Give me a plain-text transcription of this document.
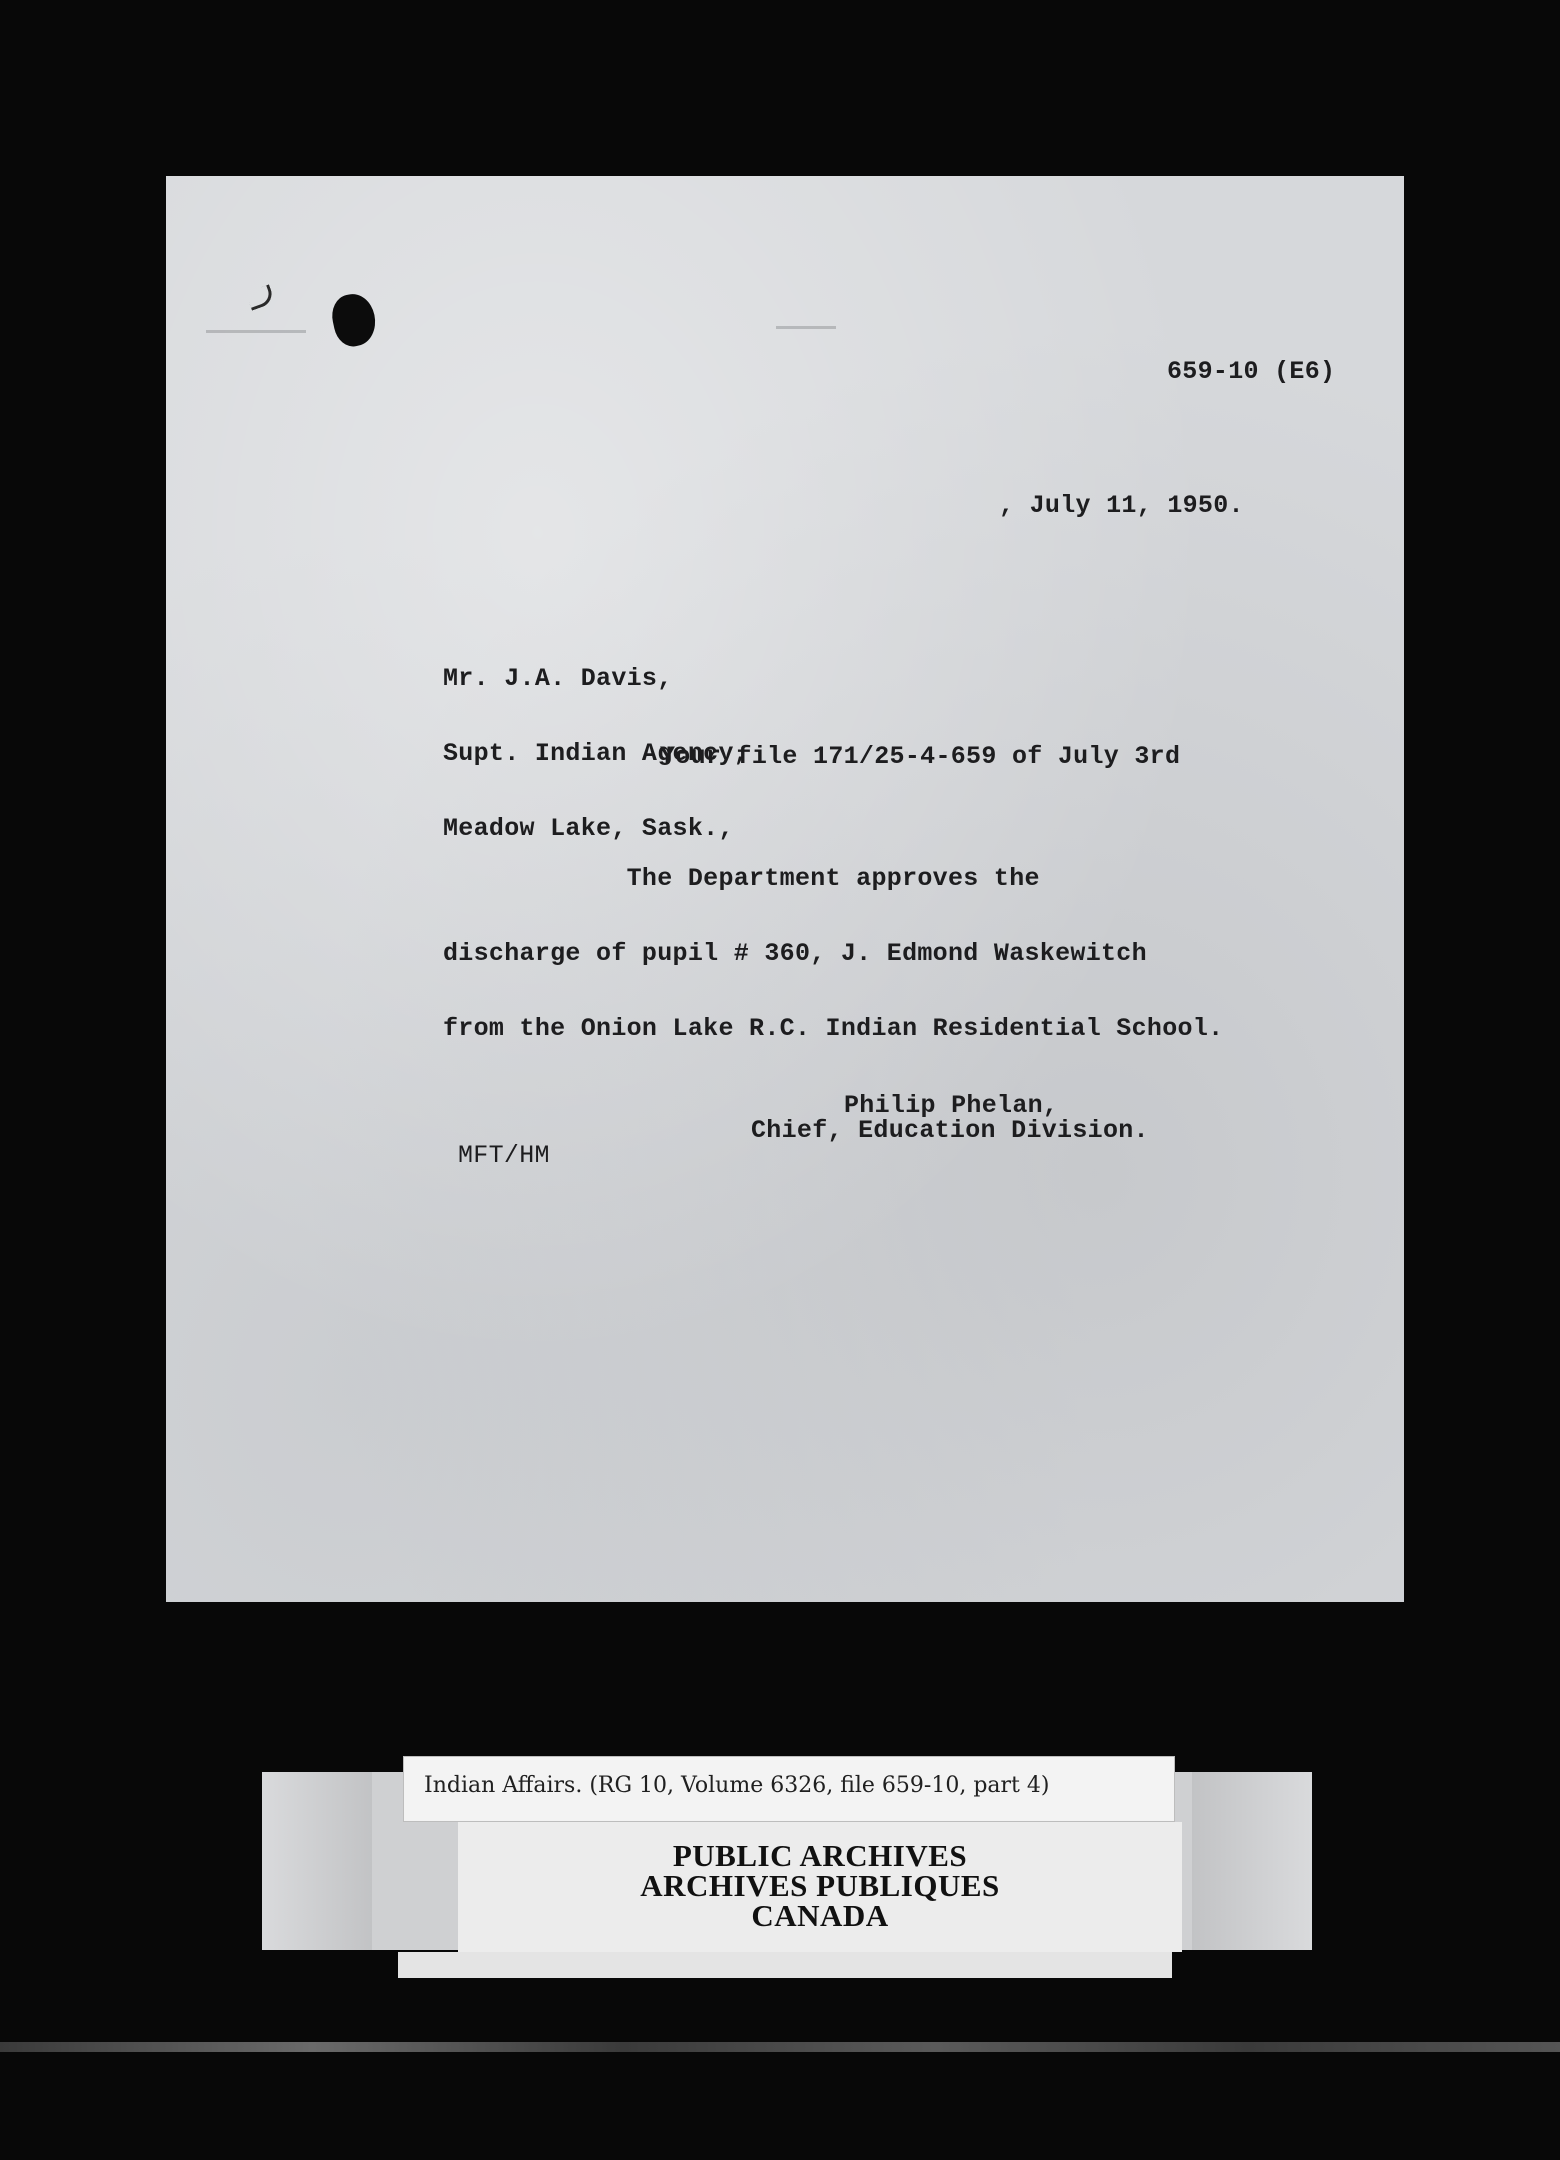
659-10 (E6)

, July 11, 1950.

Mr. J.A. Davis,

Supt. Indian Agency,

Meadow Lake, Sask.,

Your file 171/25-4-659 of July 3rd

The Department approves the

discharge of pupil # 360, J. Edmond Waskewitch

from the Onion Lake R.C. Indian Residential School.

Philip Phelan,

Chief, Education Division.

MFT/HM

Indian Affairs. (RG 10, Volume 6326, file 659-10, part 4)

PUBLIC ARCHIVES

ARCHIVES PUBLIQUES

CANADA
